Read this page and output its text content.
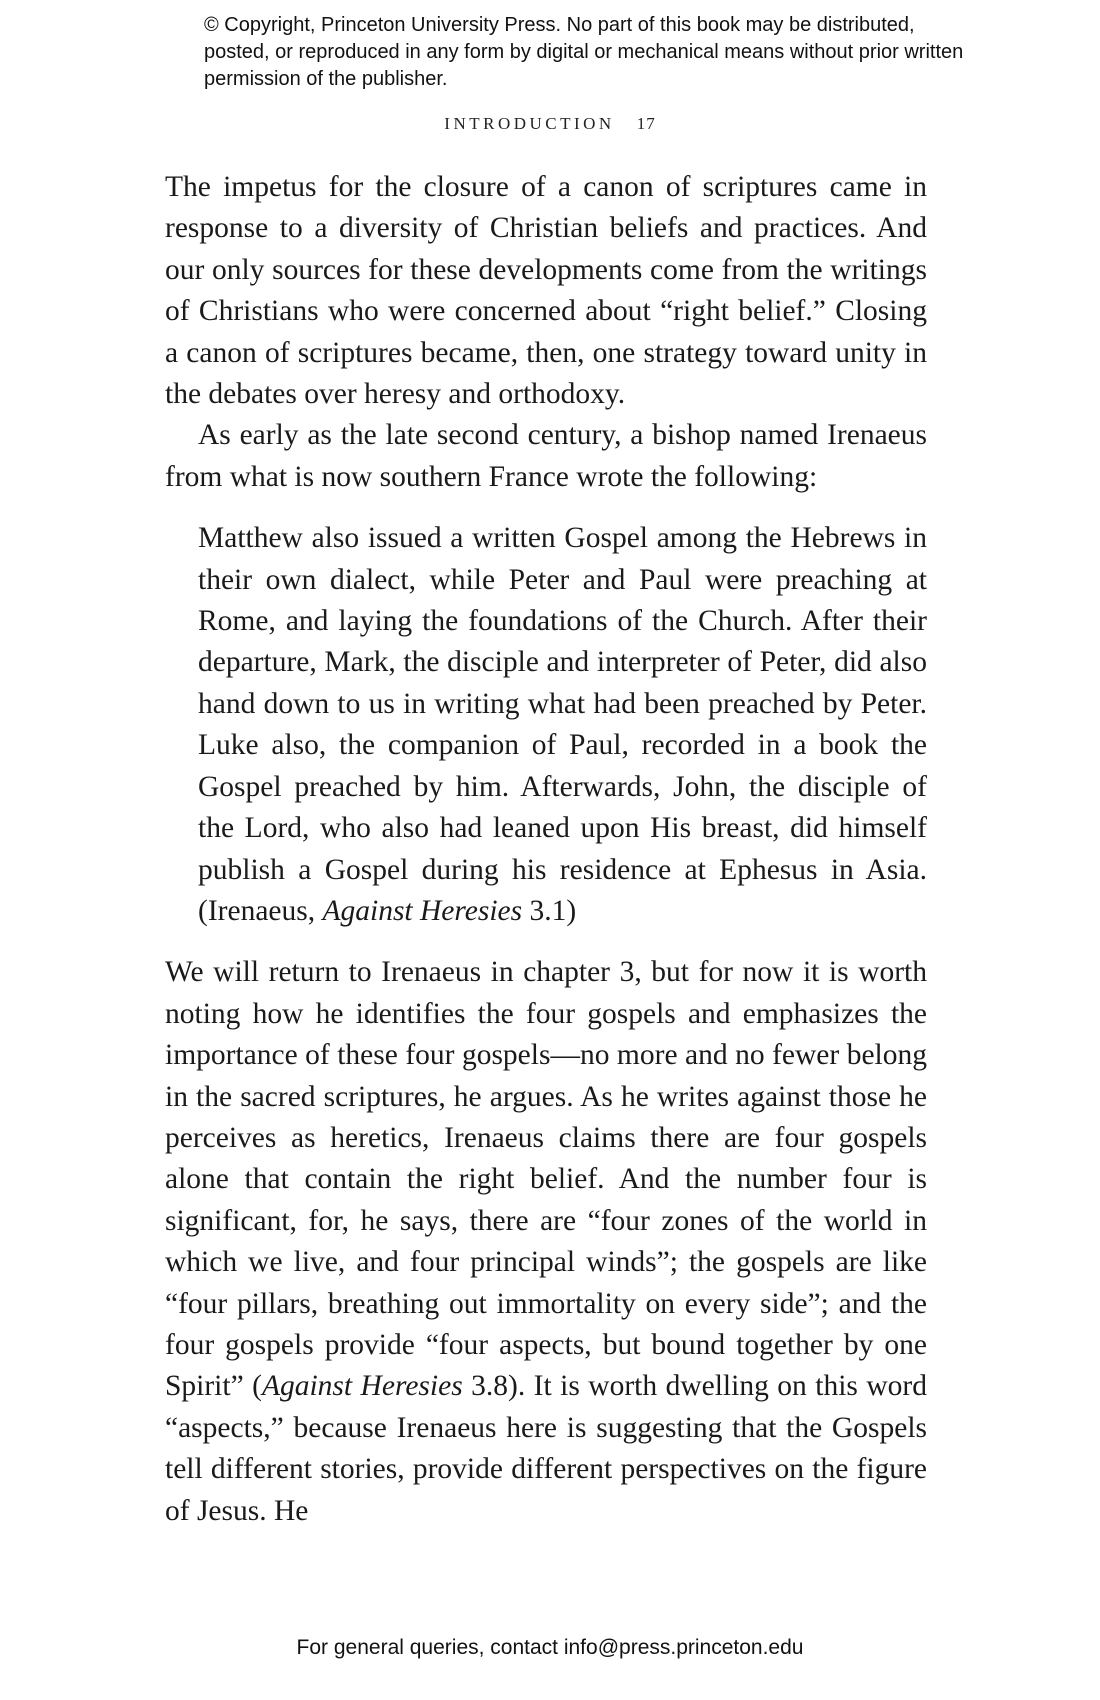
© Copyright, Princeton University Press. No part of this book may be distributed, posted, or reproduced in any form by digital or mechanical means without prior written permission of the publisher.
INTRODUCTION 17

The impetus for the closure of a canon of scriptures came in response to a diversity of Christian beliefs and practices. And our only sources for these developments come from the writings of Christians who were concerned about “right belief.” Closing a canon of scriptures became, then, one strategy toward unity in the debates over heresy and orthodoxy.

As early as the late second century, a bishop named Irenaeus from what is now southern France wrote the following:

Matthew also issued a written Gospel among the Hebrews in their own dialect, while Peter and Paul were preaching at Rome, and laying the foundations of the Church. After their departure, Mark, the disciple and interpreter of Peter, did also hand down to us in writing what had been preached by Peter. Luke also, the companion of Paul, recorded in a book the Gospel preached by him. Afterwards, John, the disciple of the Lord, who also had leaned upon His breast, did himself publish a Gospel during his residence at Ephesus in Asia. (Irenaeus, Against Heresies 3.1)

We will return to Irenaeus in chapter 3, but for now it is worth noting how he identifies the four gospels and emphasizes the importance of these four gospels—no more and no fewer belong in the sacred scriptures, he argues. As he writes against those he perceives as heretics, Irenaeus claims there are four gospels alone that contain the right belief. And the number four is significant, for, he says, there are “four zones of the world in which we live, and four principal winds”; the gospels are like “four pillars, breathing out immortality on every side”; and the four gospels provide “four aspects, but bound together by one Spirit” (Against Heresies 3.8). It is worth dwelling on this word “aspects,” because Irenaeus here is suggesting that the Gospels tell different stories, provide different perspectives on the figure of Jesus. He

For general queries, contact info@press.princeton.edu
